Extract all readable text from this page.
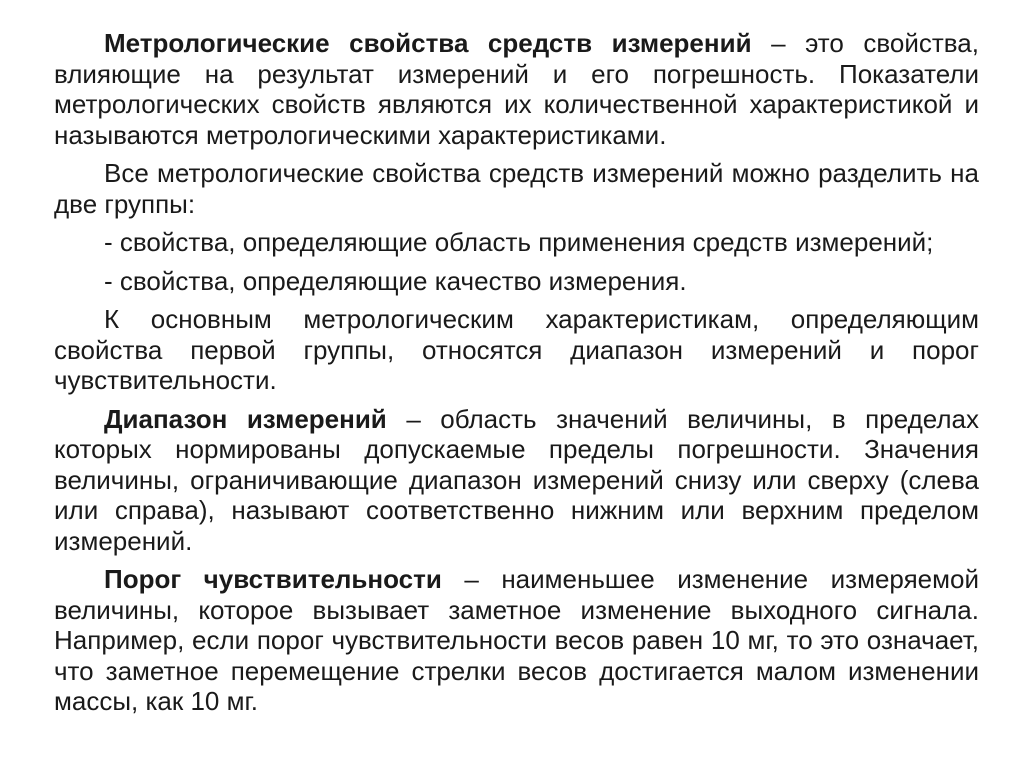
Метрологические свойства средств измерений – это свойства, влияющие на результат измерений и его погрешность. Показатели метрологических свойств являются их количественной характеристикой и называются метрологическими характеристиками.

Все метрологические свойства средств измерений можно разделить на две группы:

- свойства, определяющие область применения средств измерений;

- свойства, определяющие качество измерения.

К основным метрологическим характеристикам, определяющим свойства первой группы, относятся диапазон измерений и порог чувствительности.

Диапазон измерений – область значений величины, в пределах которых нормированы допускаемые пределы погрешности. Значения величины, ограничивающие диапазон измерений снизу или сверху (слева или справа), называют соответственно нижним или верхним пределом измерений.

Порог чувствительности – наименьшее изменение измеряемой величины, которое вызывает заметное изменение выходного сигнала. Например, если порог чувствительности весов равен 10 мг, то это означает, что заметное перемещение стрелки весов достигается малом изменении массы, как 10 мг.
